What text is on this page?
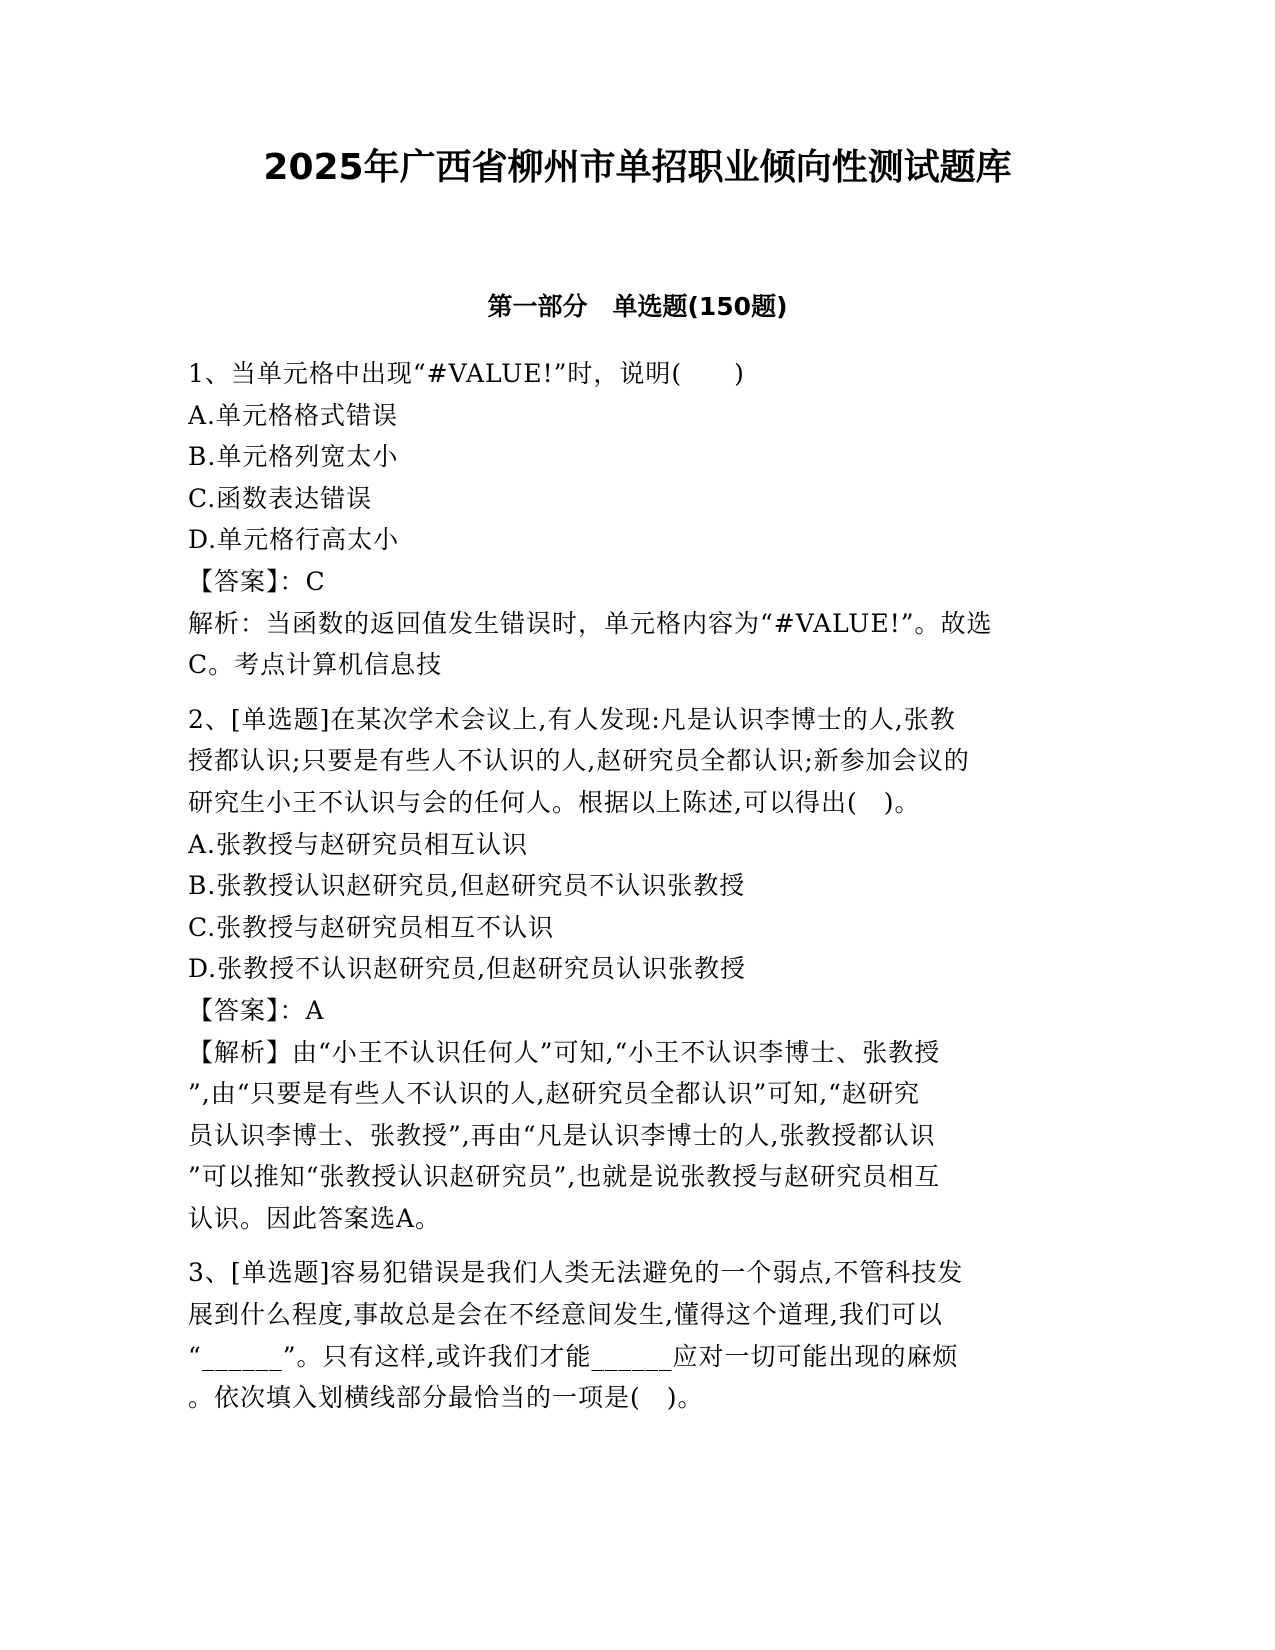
2025年广西省柳州市单招职业倾向性测试题库
第一部分　单选题(150题)
1、当单元格中出现“#VALUE!”时，说明(　　)
A.单元格格式错误
B.单元格列宽太小
C.函数表达错误
D.单元格行高太小
【答案】：C
解析：当函数的返回值发生错误时，单元格内容为“#VALUE!”。故选
C。考点计算机信息技
2、[单选题]在某次学术会议上,有人发现:凡是认识李博士的人,张教
授都认识;只要是有些人不认识的人,赵研究员全都认识;新参加会议的
研究生小王不认识与会的任何人。根据以上陈述,可以得出(　)。
A.张教授与赵研究员相互认识
B.张教授认识赵研究员,但赵研究员不认识张教授
C.张教授与赵研究员相互不认识
D.张教授不认识赵研究员,但赵研究员认识张教授
【答案】：A
【解析】由“小王不认识任何人”可知,“小王不认识李博士、张教授
”,由“只要是有些人不认识的人,赵研究员全都认识”可知,“赵研究
员认识李博士、张教授”,再由“凡是认识李博士的人,张教授都认识
”可以推知“张教授认识赵研究员”,也就是说张教授与赵研究员相互
认识。因此答案选A。
3、[单选题]容易犯错误是我们人类无法避免的一个弱点,不管科技发
展到什么程度,事故总是会在不经意间发生,懂得这个道理,我们可以
“______”。只有这样,或许我们才能______应对一切可能出现的麻烦
。依次填入划横线部分最恰当的一项是(　)。
